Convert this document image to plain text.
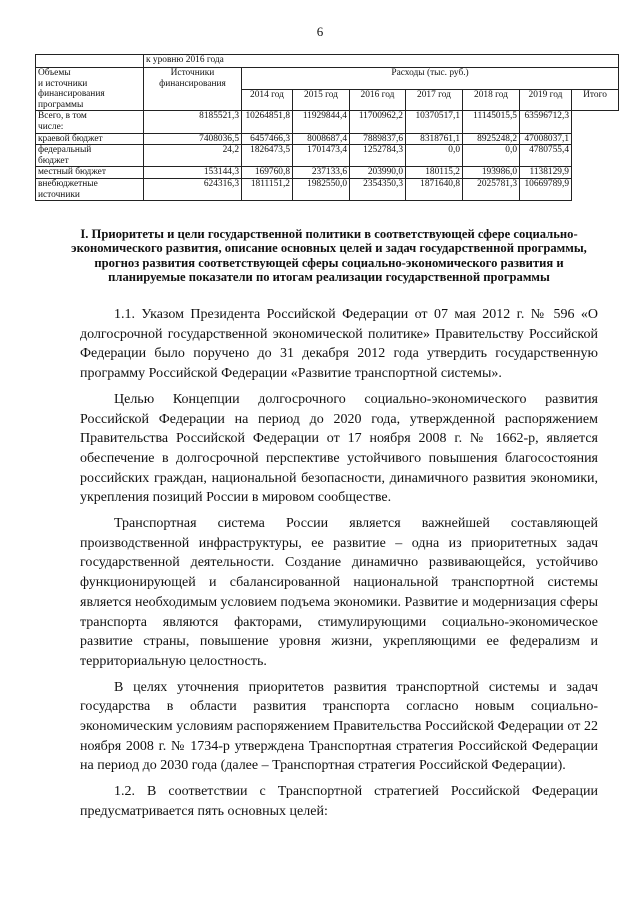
6
	к уровню 2016 года							
Объемы
и источники
финансирования
программы	Источники
финансирования	Расходы (тыс. руб.)						
		2014 год	2015 год	2016 год	2017 год	2018 год	2019 год	Итого
Всего, в том
числе:	8185521,3	10264851,8	11929844,4	11700962,2	10370517,1	11145015,5	63596712,3	
краевой бюджет	7408036,5	6457466,3	8008687,4	7889837,6	8318761,1	8925248,2	47008037,1	
федеральный
бюджет	24,2	1826473,5	1701473,4	1252784,3	0,0	0,0	4780755,4	
местный бюджет	153144,3	169760,8	237133,6	203990,0	180115,2	193986,0	1138129,9	
внебюджетные
источники	624316,3	1811151,2	1982550,0	2354350,3	1871640,8	2025781,3	10669789,9	
I. Приоритеты и цели государственной политики в соответствующей сфере социально-экономического развития, описание основных целей и задач государственной программы, прогноз развития соответствующей сферы социально-экономического развития и планируемые показатели по итогам реализации государственной программы

1.1. Указом Президента Российской Федерации от 07 мая 2012 г. № 596 «О долгосрочной государственной экономической политике» Правительству Российской Федерации было поручено до 31 декабря 2012 года утвердить государственную программу Российской Федерации «Развитие транспортной системы».

Целью Концепции долгосрочного социально-экономического развития Российской Федерации на период до 2020 года, утвержденной распоряжением Правительства Российской Федерации от 17 ноября 2008 г. № 1662-р, является обеспечение в долгосрочной перспективе устойчивого повышения благосостояния российских граждан, национальной безопасности, динамичного развития экономики, укрепления позиций России в мировом сообществе.

Транспортная система России является важнейшей составляющей производственной инфраструктуры, ее развитие – одна из приоритетных задач государственной деятельности. Создание динамично развивающейся, устойчиво функционирующей и сбалансированной национальной транспортной системы является необходимым условием подъема экономики. Развитие и модернизация сферы транспорта являются факторами, стимулирующими социально-экономическое развитие страны, повышение уровня жизни, укрепляющими ее федерализм и территориальную целостность.

В целях уточнения приоритетов развития транспортной системы и задач государства в области развития транспорта согласно новым социально-экономическим условиям распоряжением Правительства Российской Федерации от 22 ноября 2008 г. № 1734-р утверждена Транспортная стратегия Российской Федерации на период до 2030 года (далее – Транспортная стратегия Российской Федерации).

1.2. В соответствии с Транспортной стратегией Российской Федерации предусматривается пять основных целей:
